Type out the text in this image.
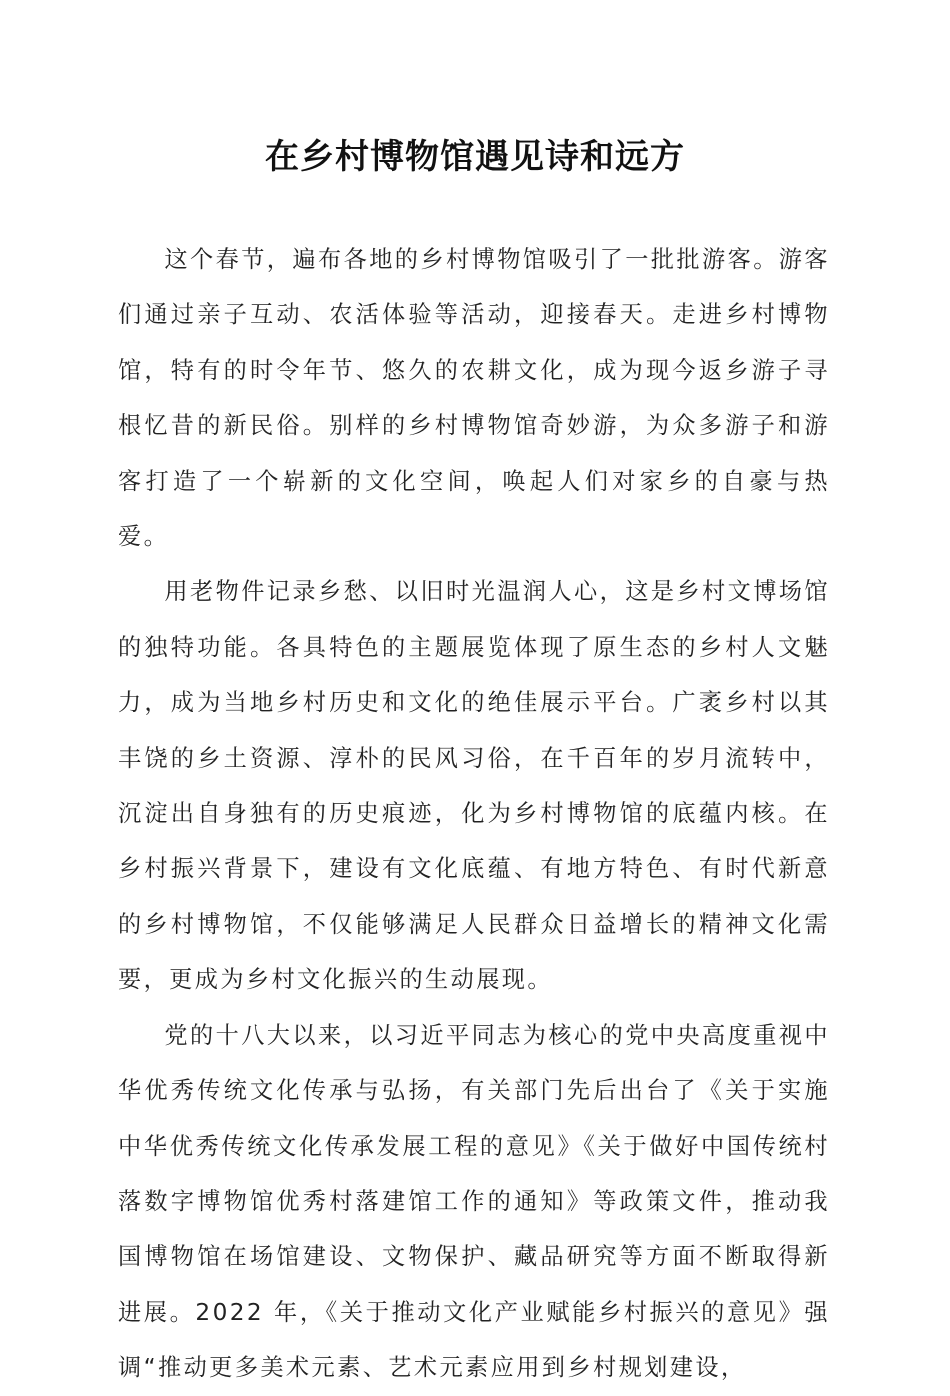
在乡村博物馆遇见诗和远方

这个春节，遍布各地的乡村博物馆吸引了一批批游客。游客们通过亲子互动、农活体验等活动，迎接春天。走进乡村博物馆，特有的时令年节、悠久的农耕文化，成为现今返乡游子寻根忆昔的新民俗。别样的乡村博物馆奇妙游，为众多游子和游客打造了一个崭新的文化空间，唤起人们对家乡的自豪与热爱。

用老物件记录乡愁、以旧时光温润人心，这是乡村文博场馆的独特功能。各具特色的主题展览体现了原生态的乡村人文魅力，成为当地乡村历史和文化的绝佳展示平台。广袤乡村以其丰饶的乡土资源、淳朴的民风习俗，在千百年的岁月流转中，沉淀出自身独有的历史痕迹，化为乡村博物馆的底蕴内核。在乡村振兴背景下，建设有文化底蕴、有地方特色、有时代新意的乡村博物馆，不仅能够满足人民群众日益增长的精神文化需要，更成为乡村文化振兴的生动展现。

党的十八大以来，以习近平同志为核心的党中央高度重视中华优秀传统文化传承与弘扬，有关部门先后出台了《关于实施中华优秀传统文化传承发展工程的意见》《关于做好中国传统村落数字博物馆优秀村落建馆工作的通知》等政策文件，推动我国博物馆在场馆建设、文物保护、藏品研究等方面不断取得新进展。2022 年，《关于推动文化产业赋能乡村振兴的意见》强调“推动更多美术元素、艺术元素应用到乡村规划建设，
